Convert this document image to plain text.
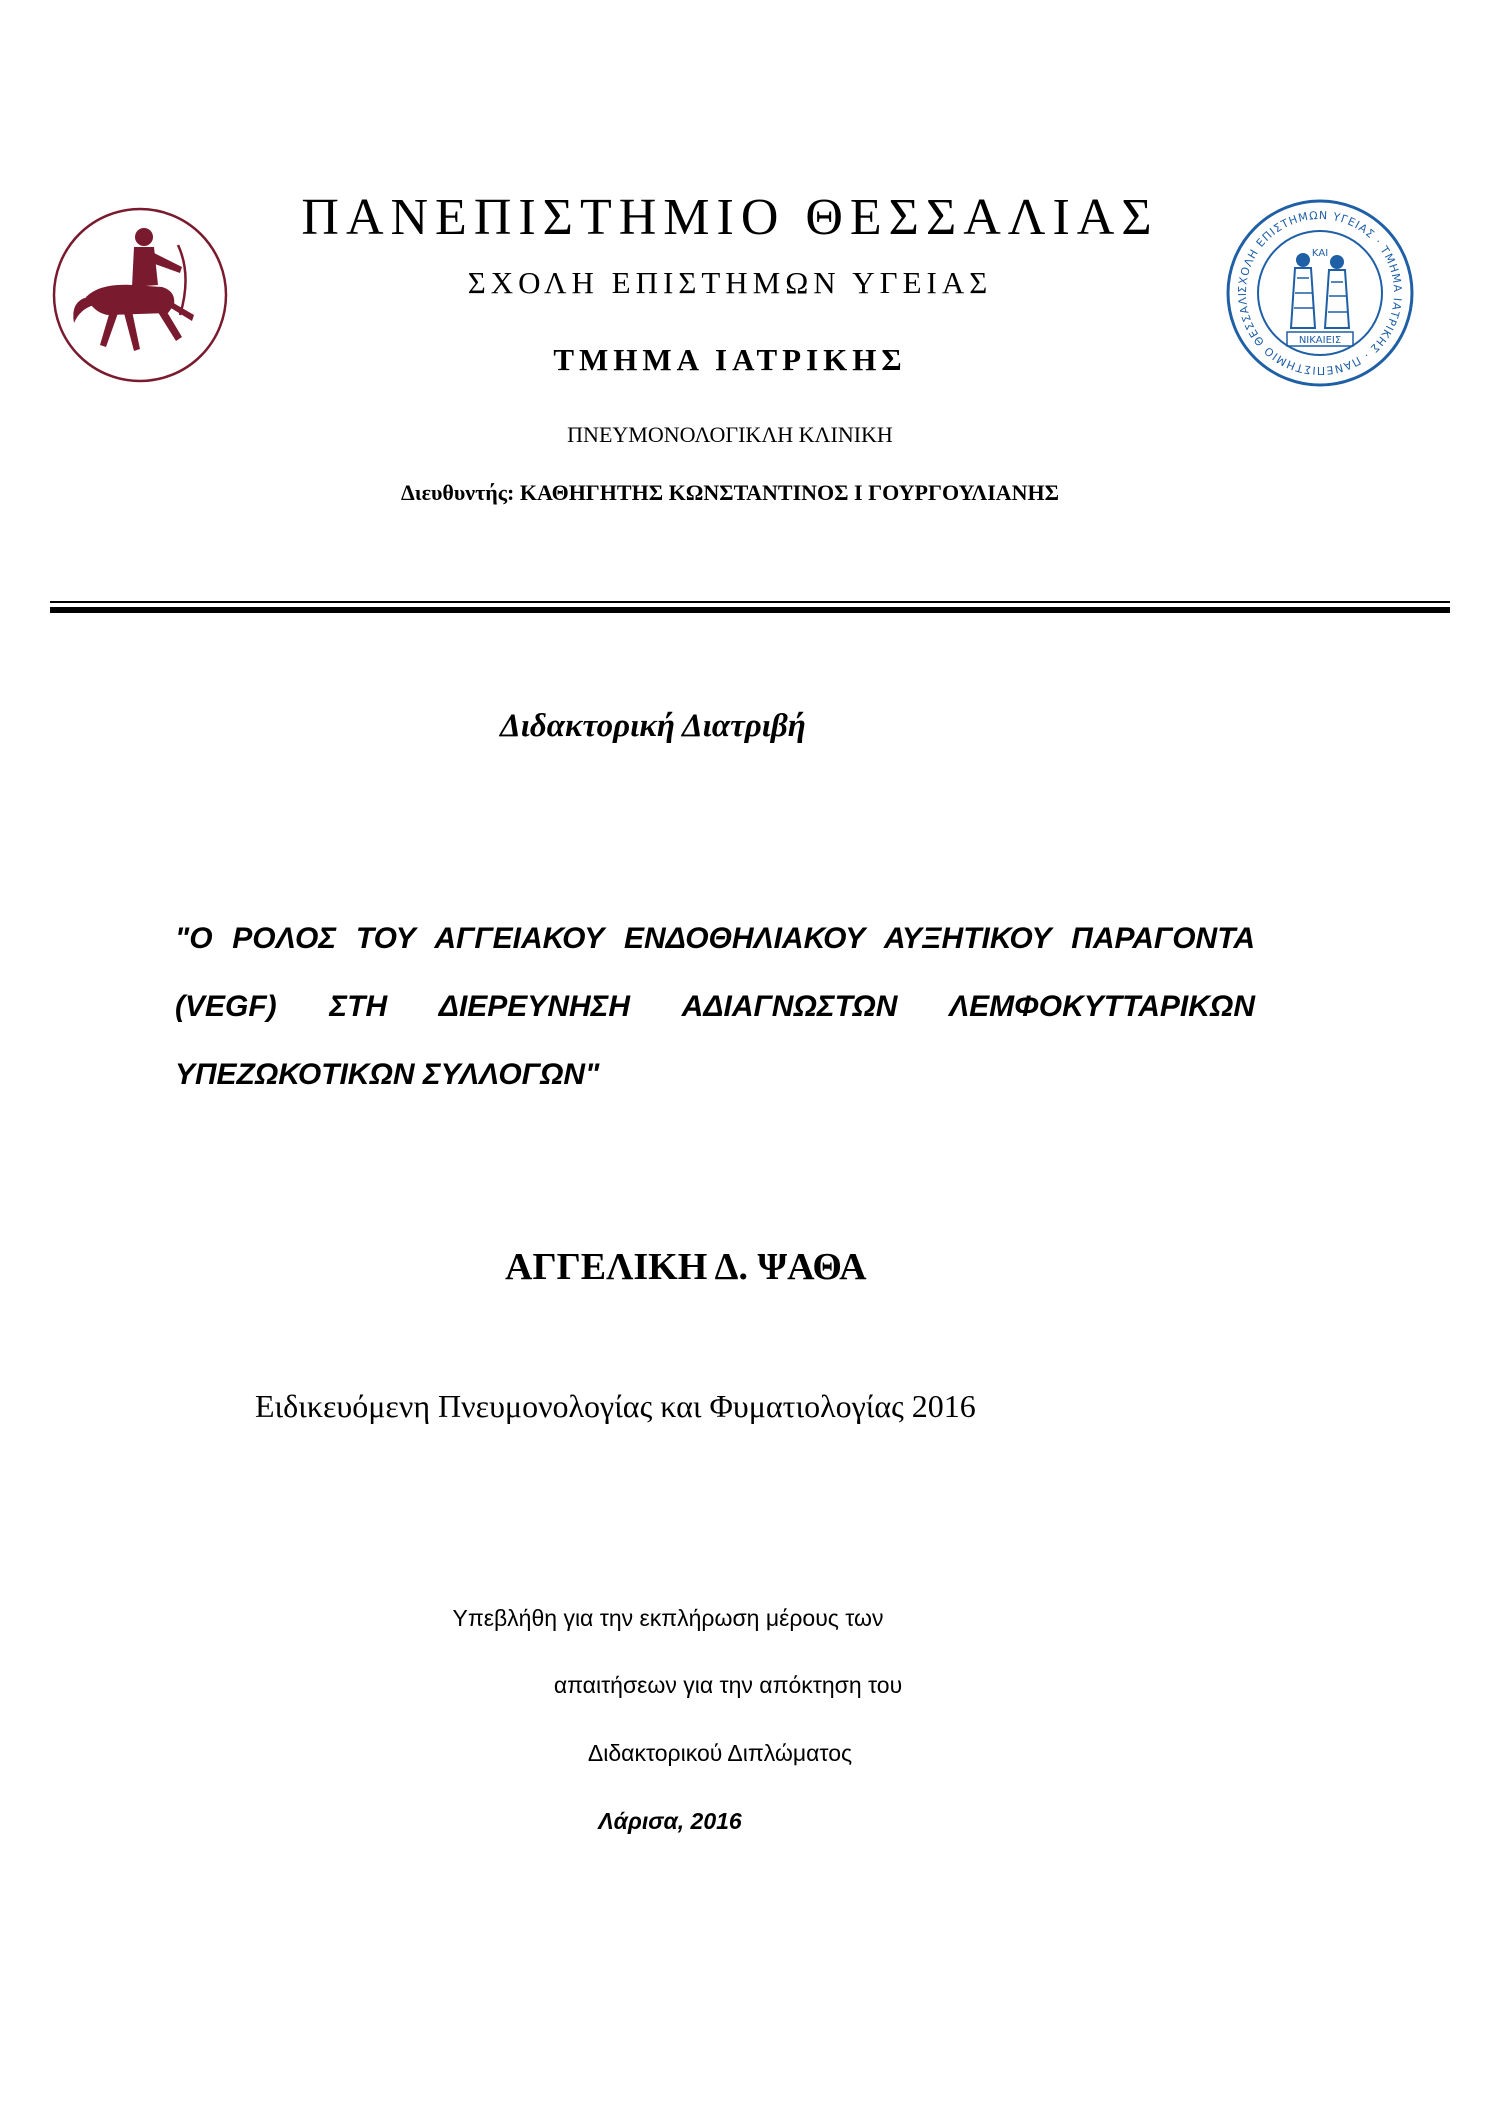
ΣΧΟΛΗ ΕΠΙΣΤΗΜΩΝ ΥΓΕΙΑΣ · ΤΜΗΜΑ ΙΑΤΡΙΚΗΣ · ΠΑΝΕΠΙΣΤΗΜΙΟ ΘΕΣΣΑΛΙ
ΚΑΙ
ΝΙΚΑΙΕΙΣ
ΠΑΝΕΠΙΣΤΗΜΙΟ ΘΕΣΣΑΛΙΑΣ
ΣΧΟΛΗ ΕΠΙΣΤΗΜΩΝ ΥΓΕΙΑΣ
ΤΜΗΜΑ ΙΑΤΡΙΚΗΣ
ΠΝΕΥΜΟΝΟΛΟΓΙΚΛΗ ΚΛΙΝΙΚΗ
Διευθυντής: ΚΑΘΗΓΗΤΗΣ ΚΩΝΣΤΑΝΤΙΝΟΣ Ι ΓΟΥΡΓΟΥΛΙΑΝΗΣ
Διδακτορική Διατριβή
"Ο ΡΟΛΟΣ ΤΟΥ ΑΓΓΕΙΑΚΟΥ ΕΝΔΟΘΗΛΙΑΚΟΥ ΑΥΞΗΤΙΚΟΥ ΠΑΡΑΓΟΝΤΑ (VEGF) ΣΤΗ ΔΙΕΡΕΥΝΗΣΗ ΑΔΙΑΓΝΩΣΤΩΝ ΛΕΜΦΟΚΥΤΤΑΡΙΚΩΝ ΥΠΕΖΩΚΟΤΙΚΩΝ ΣΥΛΛΟΓΩΝ"
ΑΓΓΕΛΙΚΗ Δ. ΨΑΘΑ
Ειδικευόμενη Πνευμονολογίας και Φυματιολογίας 2016
Υπεβλήθη για την εκπλήρωση μέρους των
απαιτήσεων για την απόκτηση του
Διδακτορικού Διπλώματος
Λάρισα, 2016
